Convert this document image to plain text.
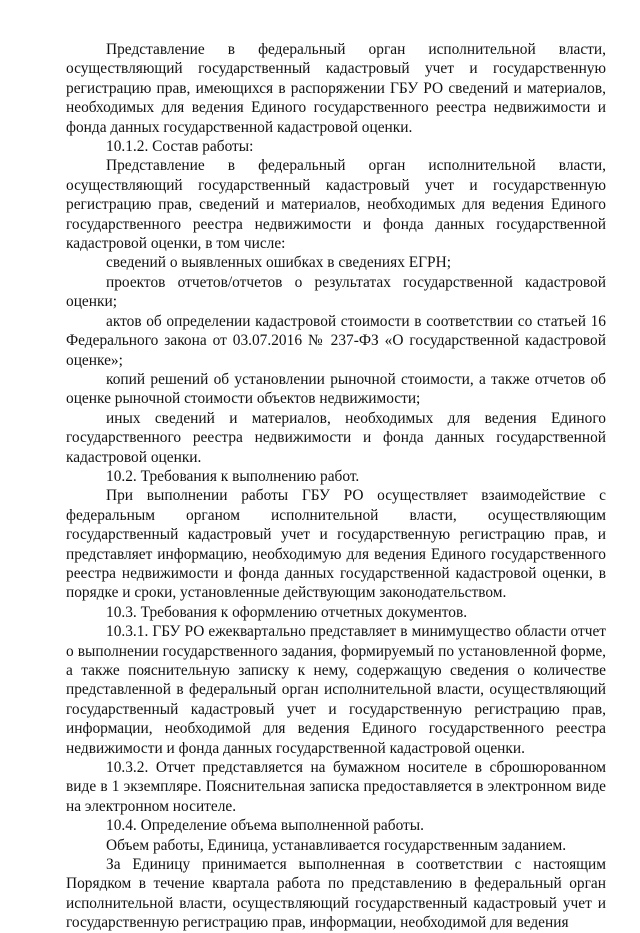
Представление в федеральный орган исполнительной власти, осуществляющий государственный кадастровый учет и государственную регистрацию прав, имеющихся в распоряжении ГБУ РО сведений и материалов, необходимых для ведения Единого государственного реестра недвижимости и фонда данных государственной кадастровой оценки.

10.1.2. Состав работы:

Представление в федеральный орган исполнительной власти, осуществляющий государственный кадастровый учет и государственную регистрацию прав, сведений и материалов, необходимых для ведения Единого государственного реестра недвижимости и фонда данных государственной кадастровой оценки, в том числе:

сведений о выявленных ошибках в сведениях ЕГРН;

проектов отчетов/отчетов о результатах государственной кадастровой оценки;

актов об определении кадастровой стоимости в соответствии со статьей 16 Федерального закона от 03.07.2016 № 237-ФЗ «О государственной кадастровой оценке»;

копий решений об установлении рыночной стоимости, а также отчетов об оценке рыночной стоимости объектов недвижимости;

иных сведений и материалов, необходимых для ведения Единого государственного реестра недвижимости и фонда данных государственной кадастровой оценки.

10.2. Требования к выполнению работ.

При выполнении работы ГБУ РО осуществляет взаимодействие с федеральным органом исполнительной власти, осуществляющим государственный кадастровый учет и государственную регистрацию прав, и представляет информацию, необходимую для ведения Единого государственного реестра недвижимости и фонда данных государственной кадастровой оценки, в порядке и сроки, установленные действующим законодательством.

10.3. Требования к оформлению отчетных документов.

10.3.1. ГБУ РО ежеквартально представляет в минимущество области отчет о выполнении государственного задания, формируемый по установленной форме, а также пояснительную записку к нему, содержащую сведения о количестве представленной в федеральный орган исполнительной власти, осуществляющий государственный кадастровый учет и государственную регистрацию прав, информации, необходимой для ведения Единого государственного реестра недвижимости и фонда данных государственной кадастровой оценки.

10.3.2. Отчет представляется на бумажном носителе в сброшюрованном виде в 1 экземпляре. Пояснительная записка предоставляется в электронном виде на электронном носителе.

10.4. Определение объема выполненной работы.

Объем работы, Единица, устанавливается государственным заданием.

За Единицу принимается выполненная в соответствии с настоящим Порядком в течение квартала работа по представлению в федеральный орган исполнительной власти, осуществляющий государственный кадастровый учет и государственную регистрацию прав, информации, необходимой для ведения
